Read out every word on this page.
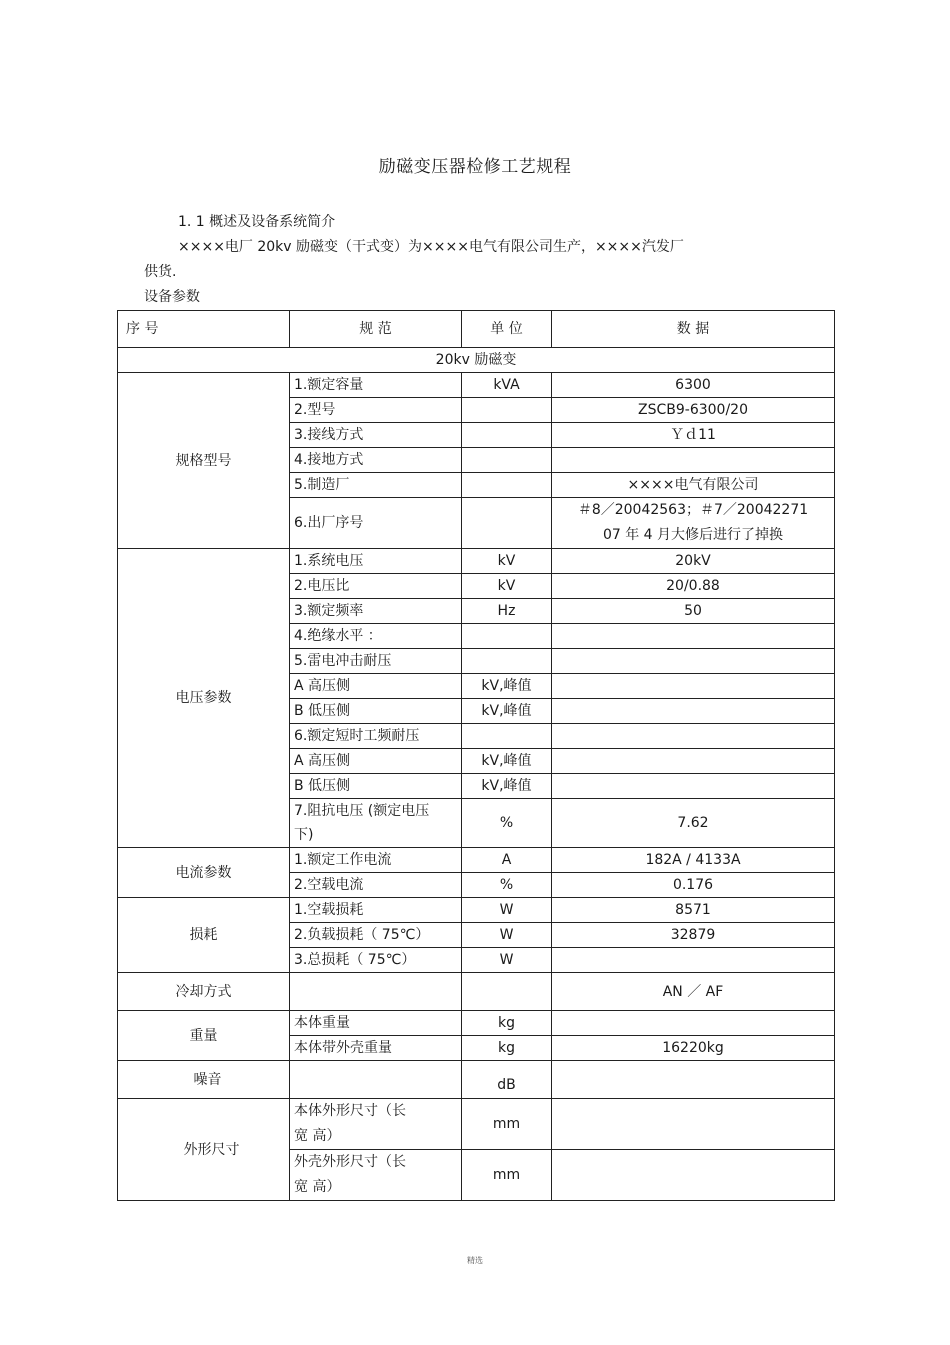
励磁变压器检修工艺规程
1. 1 概述及设备系统简介
××××电厂 20kv 励磁变（干式变）为××××电气有限公司生产，××××汽发厂
供货.
设备参数
序 号	规 范	单 位	数 据
20kv 励磁变			
规格型号	1.额定容量	kVA	6300
	2.型号		ZSCB9-6300/20
	3.接线方式		Ｙｄ11
	4.接地方式		
	5.制造厂		××××电气有限公司
	6.出厂序号		＃8／20042563；＃7／20042271
07 年 4 月大修后进行了掉换

电压参数	1.系统电压	kV	20kV
	2.电压比	kV	20/0.88
	3.额定频率	Hz	50
	4.绝缘水平 ：		
	5.雷电冲击耐压		
	A 高压侧	kV,峰值	
	B 低压侧	kV,峰值	
	6.额定短时工频耐压		
	A 高压侧	kV,峰值	
	B 低压侧	kV,峰值	

	7.阻抗电压 (额定电压
下)	%	7.62
电流参数	1.额定工作电流	A	182A / 4133A
	2.空载电流	%	0.176
损耗	1.空载损耗	W	8571
	2.负载损耗（ 75℃）	W	32879
	3.总损耗（ 75℃）	W	
冷却方式			AN ／ AF
重量	本体重量	kg	
	本体带外壳重量	kg	16220kg
噪音		dB	
外形尺寸	本体外形尺寸（长
宽 高）	mm	

	外壳外形尺寸（长
宽 高）	mm	
精选
